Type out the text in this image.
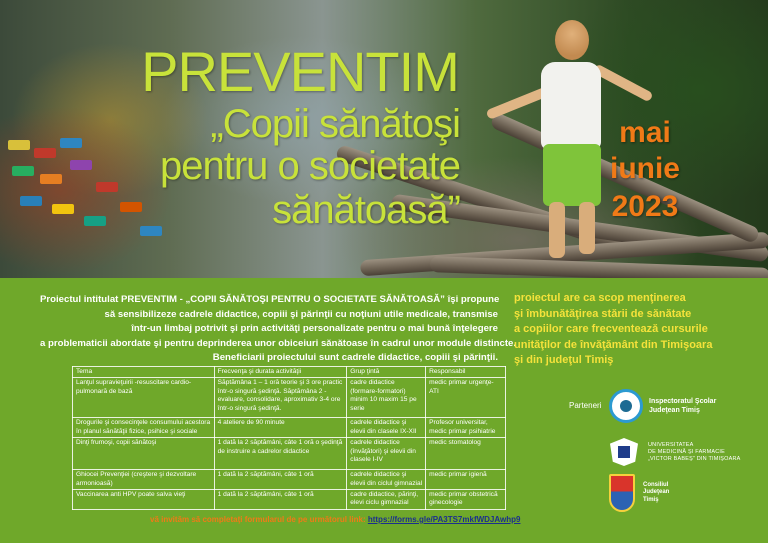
PREVENTIM
„Copii sănătoşi
pentru o societate
sănătoasă”
mai
iunie
2023

Proiectul intitulat PREVENTIM - „COPII SĂNĂTOŞI PENTRU O SOCIETATE SĂNĂTOASĂ” îşi propune

să sensibilizeze cadrele didactice, copiii şi părinţii cu noţiuni utile medicale, transmise

într-un limbaj potrivit şi prin activităţi personalizate pentru o mai bună înţelegere

a problematicii abordate şi pentru deprinderea unor obiceiuri sănătoase în cadrul unor module distincte.

Beneficiarii proiectului sunt cadrele didactice, copiii şi părinţii.

proiectul are ca scop menţinerea

şi îmbunătăţirea stării de sănătate

a copiilor care frecventează cursurile

unităţilor de învăţământ din Timişoara

şi din judeţul Timiş

Tema	Frecvenţa şi durata activităţii	Grup ţintă	Responsabil
Lanţul supravieţuirii -resuscitare cardio-pulmonară de bază	Săptămâna 1 – 1 oră teorie şi 3 ore practic într-o singură şedinţă. Săptămâna 2 - evaluare, consolidare, aproximativ 3-4 ore într-o singură şedinţă.	cadre didactice (formare-formatori) minim 10 maxim 15 pe serie	medic primar urgenţe-ATI
Drogurile şi consecinţele consumului acestora în planul sănătăţii fizice, psihice şi sociale	4 ateliere de 90 minute	cadrele didactice şi elevii din clasele IX-XII	Profesor universitar, medic primar psihiatrie
Dinţi frumoşi, copii sănătoşi	1 dată la 2 săptămâni, câte 1 oră o şedinţă de instruire a cadrelor didactice	cadrele didactice (învăţători) şi elevii din clasele I-IV	medic stomatolog
Ghiocei Prevenţiei (creştere şi dezvoltare armonioasă)	1 dată la 2 săptămâni, câte 1 oră	cadrele didactice şi elevii din ciclul gimnazial	medic primar igienă
Vaccinarea anti HPV poate salva vieţi	1 dată la 2 săptămâni, câte 1 oră	cadre didactice, părinţi, elevi ciclu gimnazial	medic primar obstetrică ginecologie
vă invităm să completaţi formularul de pe următorul link: https://forms.gle/PA3TS7mkfWDJAwhp9
Parteneri	Inspectoratul Şcolar
Judeţean Timiş
UNIVERSITATEA
DE MEDICINĂ ŞI FARMACIE
„VICTOR BABEŞ” DIN TIMIŞOARA
Consiliul
Judeţean
Timiş
